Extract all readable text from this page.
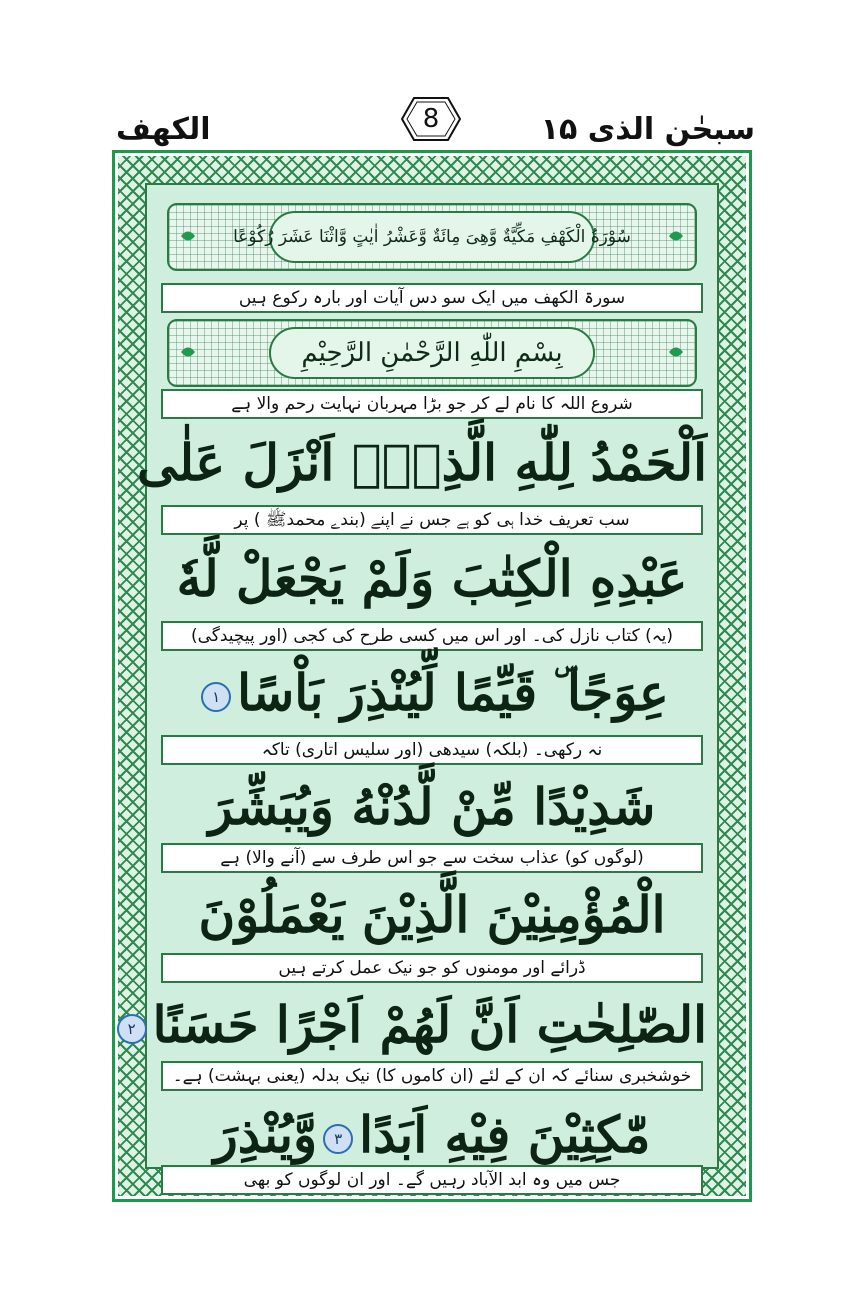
الکھف	8	سبحٰن الذی ۱۵
سُوْرَةُ الْکَهْفِ مَکِّیَّةٌ وَّهِیَ مِائَةٌ وَّعَشْرُ اٰیٰتٍ وَّاثْنَا عَشَرَ رُکُوْعًا
سورۃ الکھف میں ایک سو دس آیات اور بارہ رکوع ہیں
بِسْمِ اللّٰهِ الرَّحْمٰنِ الرَّحِیْمِ
شروع اللہ کا نام لے کر جو بڑا مہربان نہایت رحم والا ہے
اَلْحَمْدُ لِلّٰهِ الَّذِیْۤ اَنْزَلَ عَلٰی
سب تعریف خدا ہی کو ہے جس نے اپنے (بندے محمدﷺ ) پر
عَبْدِهِ الْکِتٰبَ وَلَمْ یَجْعَلْ لَّهٗ
(یہ) کتاب نازل کی۔ اور اس میں کسی طرح کی کجی (اور پیچیدگی)
عِوَجًا ۜ قَیِّمًا لِّیُنْذِرَ بَاْسًا۱
نہ رکھی۔ (بلکہ) سیدھی (اور سلیس اتاری) تاکہ
شَدِیْدًا مِّنْ لَّدُنْهُ وَیُبَشِّرَ
(لوگوں کو) عذاب سخت سے جو اس طرف سے (آنے والا) ہے
الْمُؤْمِنِیْنَ الَّذِیْنَ یَعْمَلُوْنَ
ڈرائے اور مومنوں کو جو نیک عمل کرتے ہیں
الصّٰلِحٰتِ اَنَّ لَهُمْ اَجْرًا حَسَنًا۲
خوشخبری سنائے کہ ان کے لئے (ان کاموں کا) نیک بدلہ (یعنی بہشت) ہے۔
مّٰکِثِیْنَ فِیْهِ اَبَدًا۳وَّیُنْذِرَ
جس میں وہ ابد الآباد رہیں گے۔ اور ان لوگوں کو بھی
